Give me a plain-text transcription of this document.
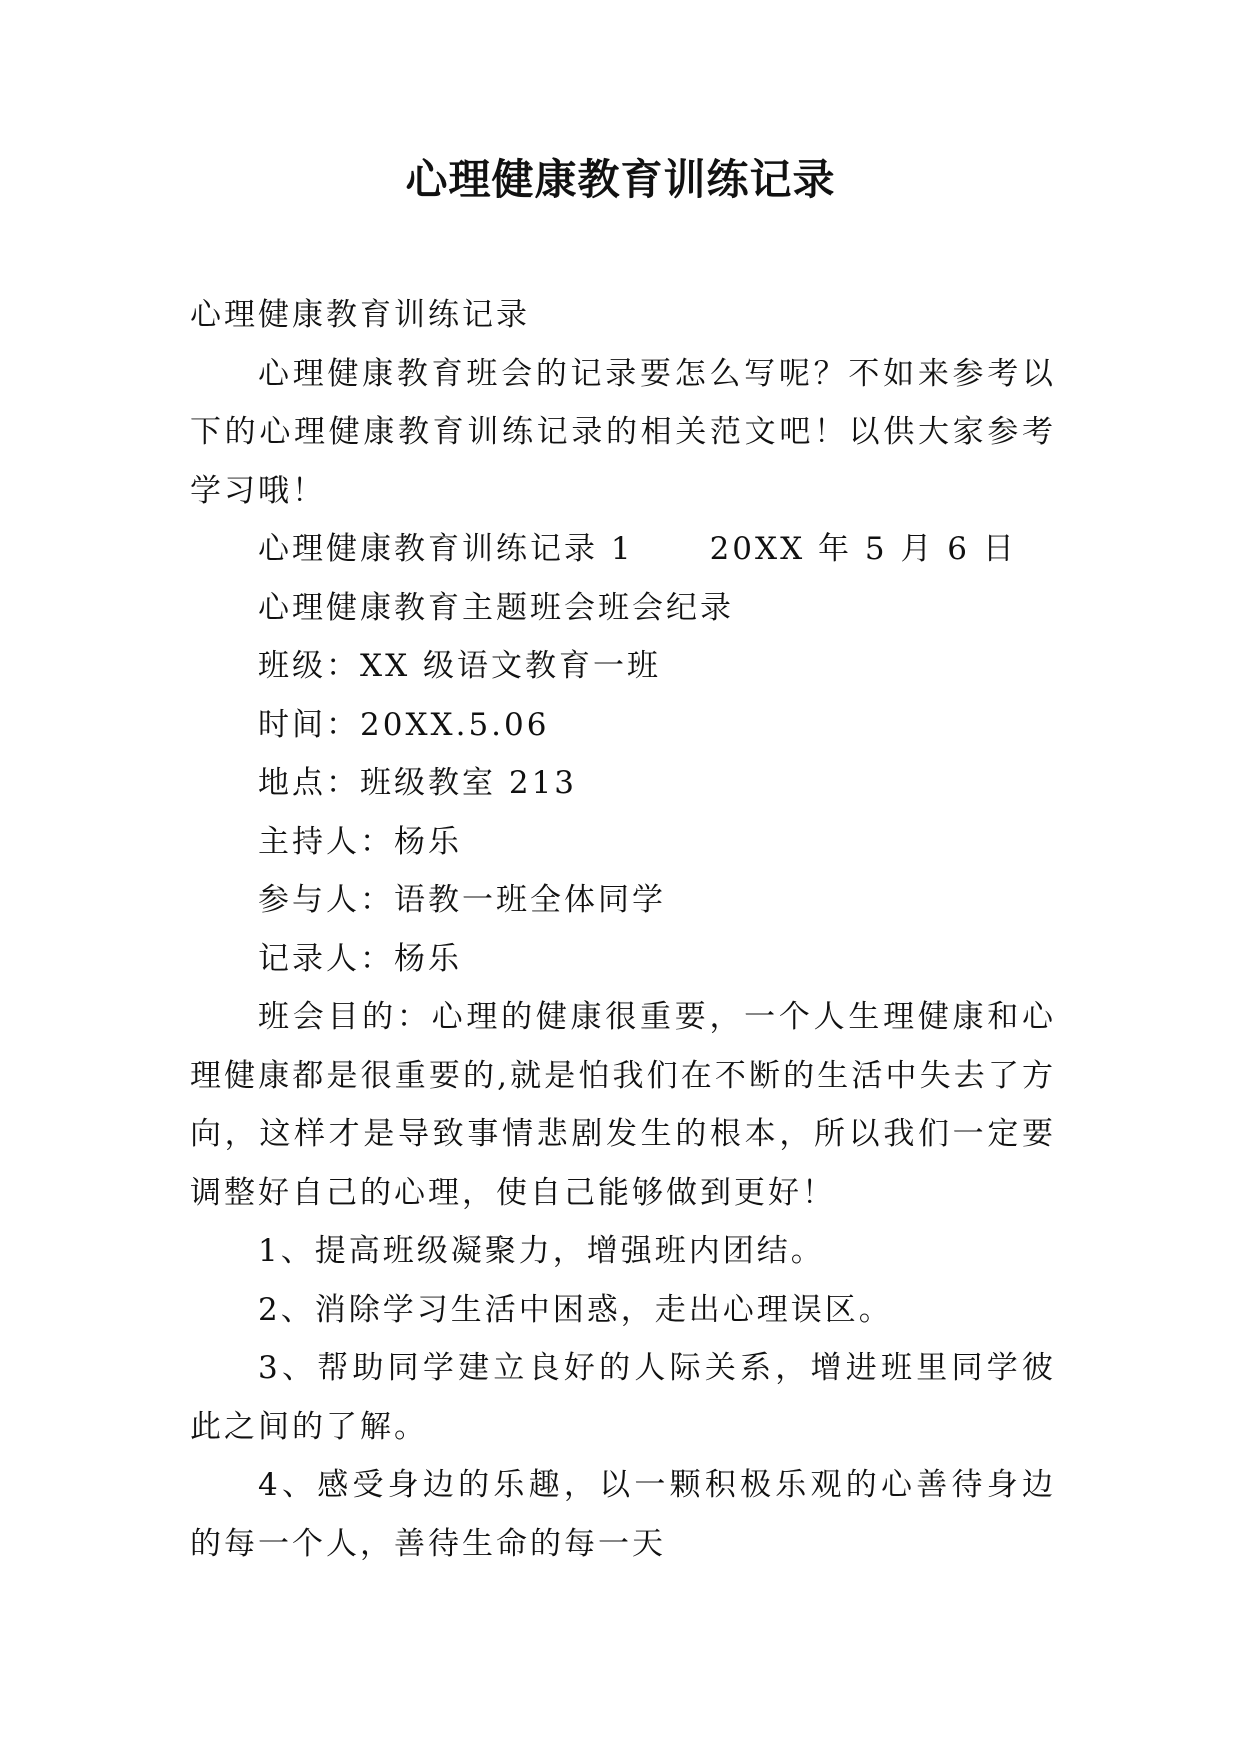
心理健康教育训练记录

心理健康教育训练记录

心理健康教育班会的记录要怎么写呢？不如来参考以下的心理健康教育训练记录的相关范文吧！以供大家参考学习哦！

心理健康教育训练记录 1 20XX 年 5 月 6 日

心理健康教育主题班会班会纪录

班级：XX 级语文教育一班

时间：20XX.5.06

地点：班级教室 213

主持人：杨乐

参与人：语教一班全体同学

记录人：杨乐

班会目的：心理的健康很重要，一个人生理健康和心理健康都是很重要的,就是怕我们在不断的生活中失去了方向，这样才是导致事情悲剧发生的根本，所以我们一定要调整好自己的心理，使自己能够做到更好！

1、提高班级凝聚力，增强班内团结。

2、消除学习生活中困惑，走出心理误区。

3、帮助同学建立良好的人际关系，增进班里同学彼此之间的了解。

4、感受身边的乐趣，以一颗积极乐观的心善待身边的每一个人，善待生命的每一天
